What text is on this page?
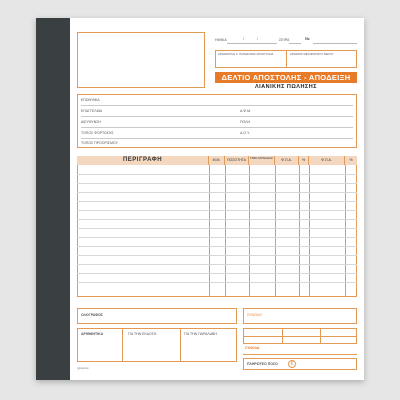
ΗΜΝΙΑ	/	/	ΣΕΙΡΑ	№
ΑΡΙΘΜΗΤΙΚΗ Α. ΠΑΡΑΔΟΣΗΣ ΑΠΟΣΤΟΛΗΣ	ΑΡΙΘΜΟΣ ΜΕΤΑΦΟΡΙΚΟΥ ΜΕΣΟΥ
ΔΕΛΤΙΟ ΑΠΟΣΤΟΛΗΣ - ΑΠΟΔΕΙΞΗ
ΛΙΑΝΙΚΗΣ ΠΩΛΗΣΗΣ
ΕΠΩΝΥΜΙΑ
ΕΠΑΓΓΕΛΜΑ	Α.Φ.Μ.
ΔΙΕΥΘΥΝΣΗ	ΠΟΛΗ
ΤΟΠΟΣ ΦΟΡΤΩΣΗΣ	Δ.Ο.Υ.
ΤΟΠΟΣ ΠΡΟΟΡΙΣΜΟΥ
ΠΕΡΙΓΡΑΦΗ	Μ.Μ.	ΠΟΣΟΤΗΤΑ	ΤΙΜΗ ΜΟΝΑΔΑΣ	Φ.Π.Α.	%	Φ.Π.Α.	%
ΟΛΟΓΡΑΦΩΣ	ΣΥΝΟΛΟ
ΑΡΙΘΜΗΤΙΚΑ	ΓΙΑ ΤΗΝ ΕΚΔΟΣΗ	ΓΙΑ ΤΗΝ ΠΑΡΑΛΑΒΗ
ΣΥΝΟΛΑ
ΠΛΗΡΩΤΕΟ ΠΟΣΟ	€
typotrust
